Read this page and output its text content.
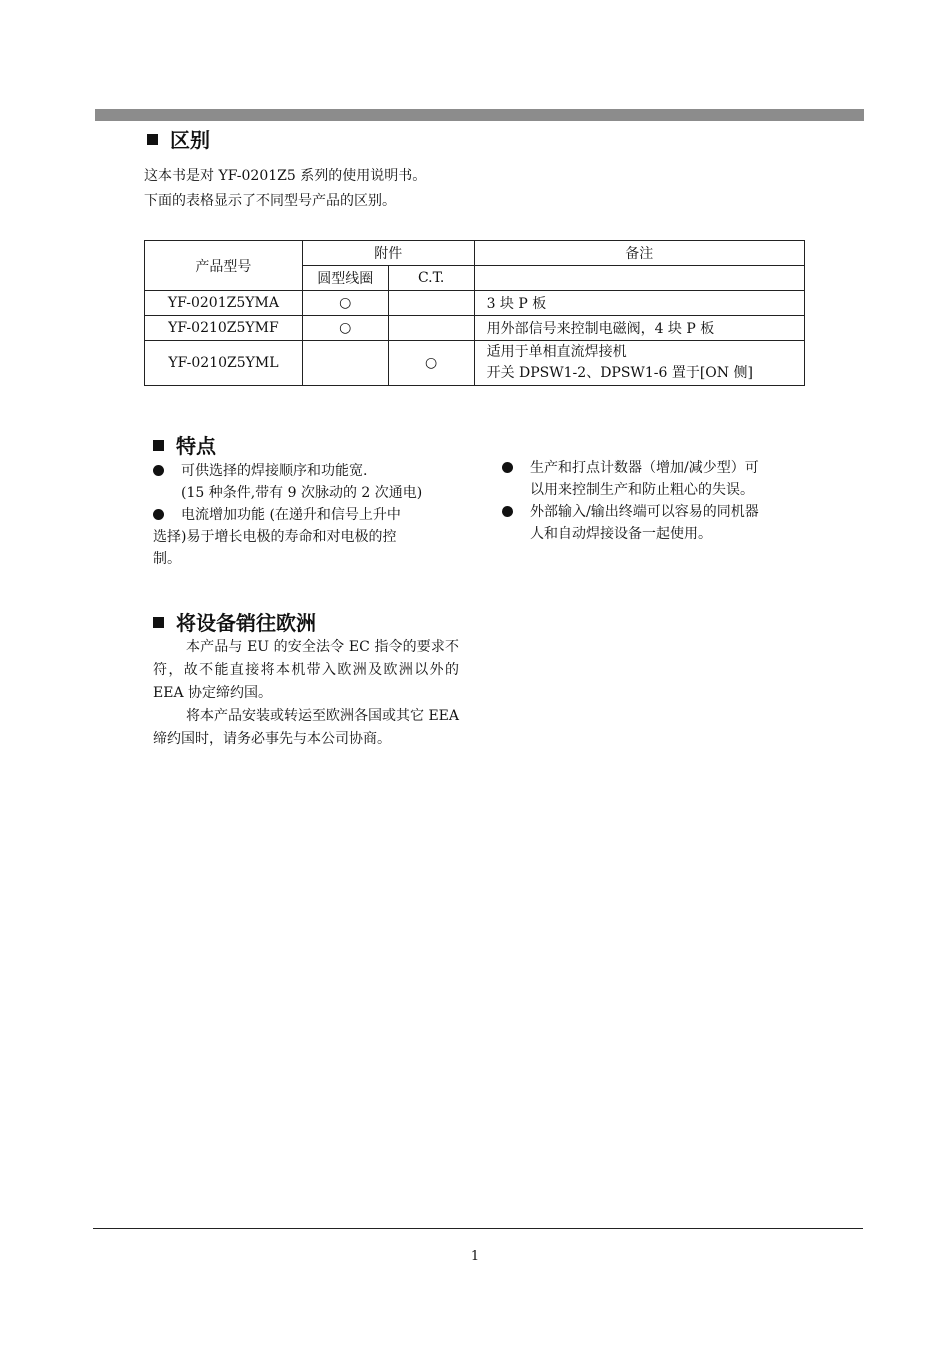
区别
这本书是对 YF-0201Z5 系列的使用说明书。
下面的表格显示了不同型号产品的区别。
产品型号	附件		备注
	圆型线圈	C.T.	
YF-0201Z5YMA	○		3 块 P 板
YF-0210Z5YMF	○		用外部信号来控制电磁阀，4 块 P 板
YF-0210Z5YML		○	适用于单相直流焊接机
开关 DPSW1-2、DPSW1-6 置于[ON 侧]
特点
可供选择的焊接顺序和功能宽.
(15 种条件,带有 9 次脉动的 2 次通电)
电流增加功能 (在递升和信号上升中
选择)易于增长电极的寿命和对电极的控
制。
生产和打点计数器（增加/减少型）可
以用来控制生产和防止粗心的失误。
外部输入/输出终端可以容易的同机器
人和自动焊接设备一起使用。
将设备销往欧洲

本产品与 EU 的安全法令 EC 指令的要求不符，故不能直接将本机带入欧洲及欧洲以外的 EEA 协定缔约国。

将本产品安装或转运至欧洲各国或其它 EEA 缔约国时，请务必事先与本公司协商。

1
